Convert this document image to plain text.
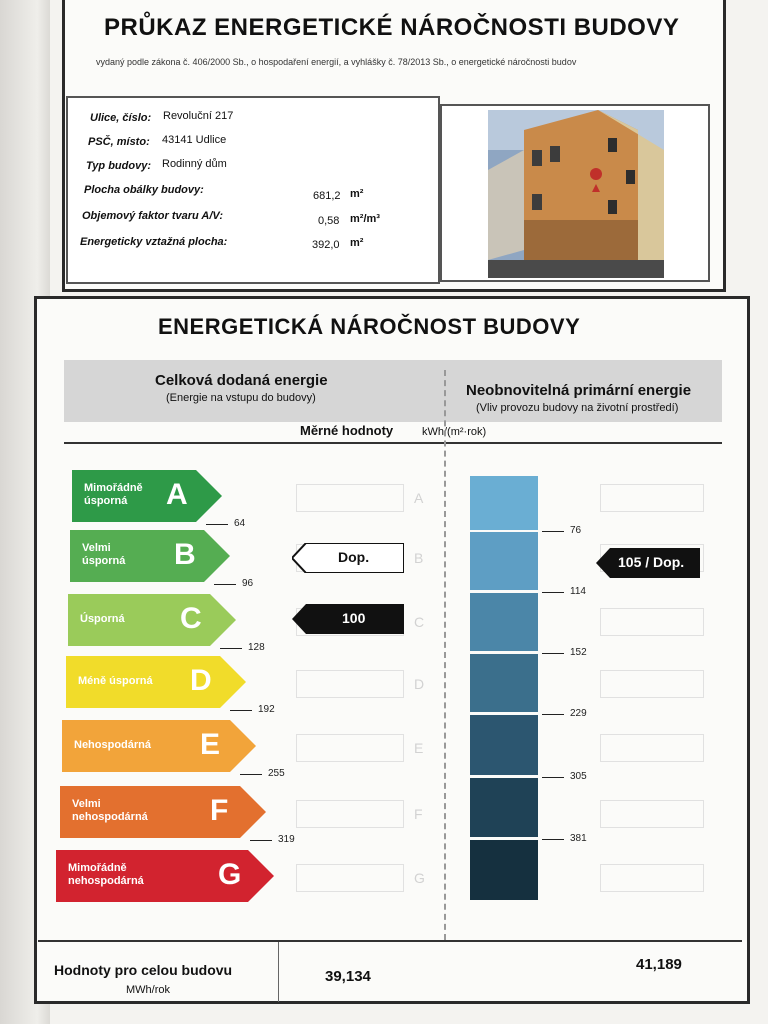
PRŮKAZ ENERGETICKÉ NÁROČNOSTI BUDOVY
vydaný podle zákona č. 406/2000 Sb., o hospodaření energií, a vyhlášky č. 78/2013 Sb., o energetické náročnosti budov
Ulice, číslo: Revoluční 217
PSČ, místo: 43141 Udlice
Typ budovy: Rodinný dům
Plocha obálky budovy:	681,2 m²
Objemový faktor tvaru A/V:	0,58 m²/m³
Energeticky vztažná plocha:	392,0 m²
ENERGETICKÁ NÁROČNOST BUDOVY
Celková dodaná energie
(Energie na vstupu do budovy)	Neobnovitelná primární energie
(Vliv provozu budovy na životní prostředí)
Měrné hodnoty	kWh/(m²·rok)
Mimořádně
úsporná	A
64
Velmi
úsporná B
96
Úsporná C
128
Méně úsporná D
192
Nehospodárná E
255
Velmi
nehospodárná F
319
Mimořádně
nehospodárná G
A
B
C
D
E
F
G
76
114
152
229
305
381
Dop.
100
105 / Dop.
Hodnoty pro celou budovu
MWh/rok
39,134
41,189
